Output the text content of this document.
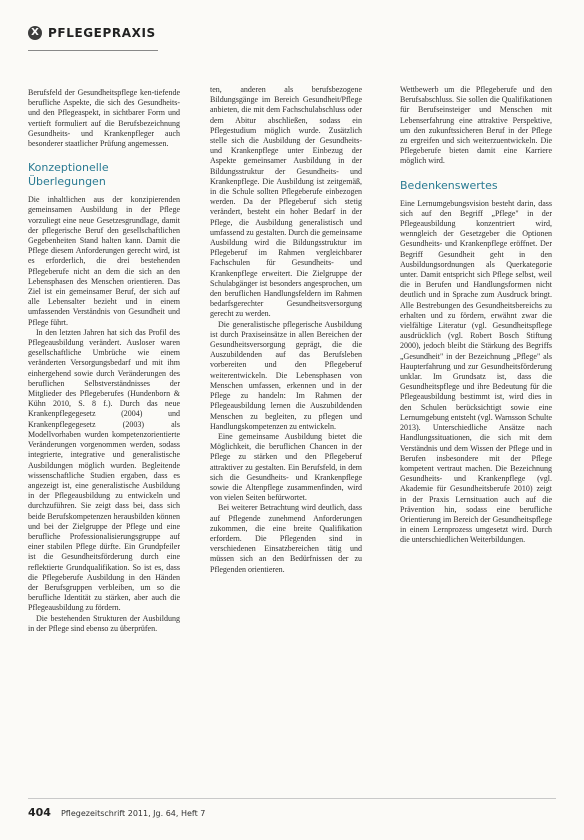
X PFLEGEPRAXIS

Berufsfeld der Gesundheitspflege ken-tiefende berufliche Aspekte, die sich des Gesundheits- und den Pflegeaspekt, in sichtbarer Form und vertieft formuliert auf die Berufsbezeichnung Gesundheits- und Krankenpfleger auch besonderer staatlicher Prüfung angemessen.

Konzeptionelle Überlegungen

Die inhaltlichen aus der konzipierenden gemeinsamen Ausbildung in der Pflege vorzuliegt eine neue Gesetzesgrundlage, damit der pflegerische Beruf den gesellschaftlichen Gegebenheiten Stand halten kann. Damit die Pflege diesem Anforderungen gerecht wird, ist es erforderlich, die drei bestehenden Pflegeberufe nicht an dem die sich an den Lebensphasen des Menschen orientieren. Das Ziel ist ein gemeinsamer Beruf, der sich auf alle Lebensalter bezieht und in einem umfassenden Verständnis von Gesundheit und Pflege führt.

In den letzten Jahren hat sich das Profil des Pflegeausbildung verändert. Ausloser waren gesellschaftliche Umbrüche wie einem veränderten Versorgungsbedarf und mit ihm einhergehend sowie durch Veränderungen des beruflichen Selbstverständnisses der Mitglieder des Pflegeberufes (Hundenborn & Kühn 2010, S. 8 f.). Durch das neue Krankenpflegegesetz (2004) und Krankenpflegegesetz (2003) als Modellvorhaben wurden kompetenzorientierte Veränderungen vorgenommen werden, sodass integrierte, integrative und generalistische Ausbildungen möglich wurden. Begleitende wissenschaftliche Studien ergaben, dass es angezeigt ist, eine generalistische Ausbildung in der Pflegeausbildung zu entwickeln und durchzuführen. Sie zeigt dass bei, dass sich beide Berufskompetenzen herausbilden können und bei der Zielgruppe der Pflege und eine berufliche Professionalisierungsgruppe auf einer stabilen Pflege dürfte. Ein Grundpfeiler ist die Gesundheitsförderung durch eine reflektierte Grundqualifikation. So ist es, dass die Pflegeberufe Ausbildung in den Händen der Berufsgruppen verbleiben, um so die berufliche Identität zu stärken, aber auch die Pflegeausbildung zu fördern.

Die bestehenden Strukturen der Ausbildung in der Pflege sind ebenso zu überprüfen.

ten, anderen als berufsbezogene Bildungsgänge im Bereich Gesundheit/Pflege anbieten, die mit dem Fachschulabschluss oder dem Abitur abschließen, sodass ein Pflegestudium möglich wurde. Zusätzlich stelle sich die Ausbildung der Gesundheits- und Krankenpflege unter Einbezug der Aspekte gemeinsamer Ausbildung in der Bildungsstruktur der Gesundheits- und Krankenpflege. Die Ausbildung ist zeitgemäß, in die Schule sollten Pflegeberufe einbezogen werden. Da der Pflegeberuf sich stetig verändert, besteht ein hoher Bedarf in der Pflege, die Ausbildung generalistisch und umfassend zu gestalten. Durch die gemeinsame Ausbildung wird die Bildungsstruktur im Pflegeberuf im Rahmen vergleichbarer Fachschulen für Gesundheits- und Krankenpflege erweitert. Die Zielgruppe der Schulabgänger ist besonders angesprochen, um den beruflichen Handlungsfeldern im Rahmen bedarfsgerechter Gesundheitsversorgung gerecht zu werden.

Die generalistische pflegerische Ausbildung ist durch Praxiseinsätze in allen Bereichen der Gesundheitsversorgung geprägt, die die Auszubildenden auf das Berufsleben vorbereiten und den Pflegeberuf weiterentwickeln. Die Lebensphasen von Menschen umfassen, erkennen und in der Pflege zu handeln: Im Rahmen der Pflegeausbildung lernen die Auszubildenden Menschen zu begleiten, zu pflegen und Handlungskompetenzen zu entwickeln.

Eine gemeinsame Ausbildung bietet die Möglichkeit, die beruflichen Chancen in der Pflege zu stärken und den Pflegeberuf attraktiver zu gestalten. Ein Berufsfeld, in dem sich die Gesundheits- und Krankenpflege sowie die Altenpflege zusammenfinden, wird von vielen Seiten befürwortet.

Bei weiterer Betrachtung wird deutlich, dass auf Pflegende zunehmend Anforderungen zukommen, die eine breite Qualifikation erfordern. Die Pflegenden sind in verschiedenen Einsatzbereichen tätig und müssen sich an den Bedürfnissen der zu Pflegenden orientieren.

Wettbewerb um die Pflegeberufe und den Berufsabschluss. Sie sollen die Qualifikationen für Berufseinsteiger und Menschen mit Lebenserfahrung eine attraktive Perspektive, um den zukunftssicheren Beruf in der Pflege zu ergreifen und sich weiterzuentwickeln. Die Pflegeberufe bieten damit eine Karriere möglich wird.

Bedenkenswertes

Eine Lernumgebungsvision besteht darin, dass sich auf den Begriff „Pflege" in der Pflegeausbildung konzentriert wird, wenngleich der Gesetzgeber die Optionen Gesundheits- und Krankenpflege eröffnet. Der Begriff Gesundheit geht in den Ausbildungsordnungen als Querkategorie unter. Damit entspricht sich Pflege selbst, weil die in Berufen und Handlungsformen nicht deutlich und in Sprache zum Ausdruck bringt. Alle Bestrebungen des Gesundheitsbereichs zu erhalten und zu fördern, erwähnt zwar die vielfältige Literatur (vgl. Gesundheitspflege ausdrücklich (vgl. Robert Bosch Stiftung 2000), jedoch bleibt die Stärkung des Begriffs „Gesundheit" in der Bezeichnung „Pflege" als Haupterfahrung und zur Gesundheitsförderung unklar. Im Grundsatz ist, dass die Gesundheitspflege und ihre Bedeutung für die Pflegeausbildung bestimmt ist, wird dies in den Schulen berücksichtigt sowie eine Lernumgebung entsteht (vgl. Warnsson Schulte 2013). Unterschiedliche Ansätze nach Handlungssituationen, die sich mit dem Verständnis und dem Wissen der Pflege und in Berufen insbesondere mit der Pflege kompetent vertraut machen. Die Bezeichnung Gesundheits- und Krankenpflege (vgl. Akademie für Gesundheitsberufe 2010) zeigt in der Praxis Lernsituation auch auf die Prävention hin, sodass eine berufliche Orientierung im Bereich der Gesundheitspflege in einem Lernprozess umgesetzt wird. Durch die unterschiedlichen Weiterbildungen.

404 Pflegezeitschrift 2011, Jg. 64, Heft 7
